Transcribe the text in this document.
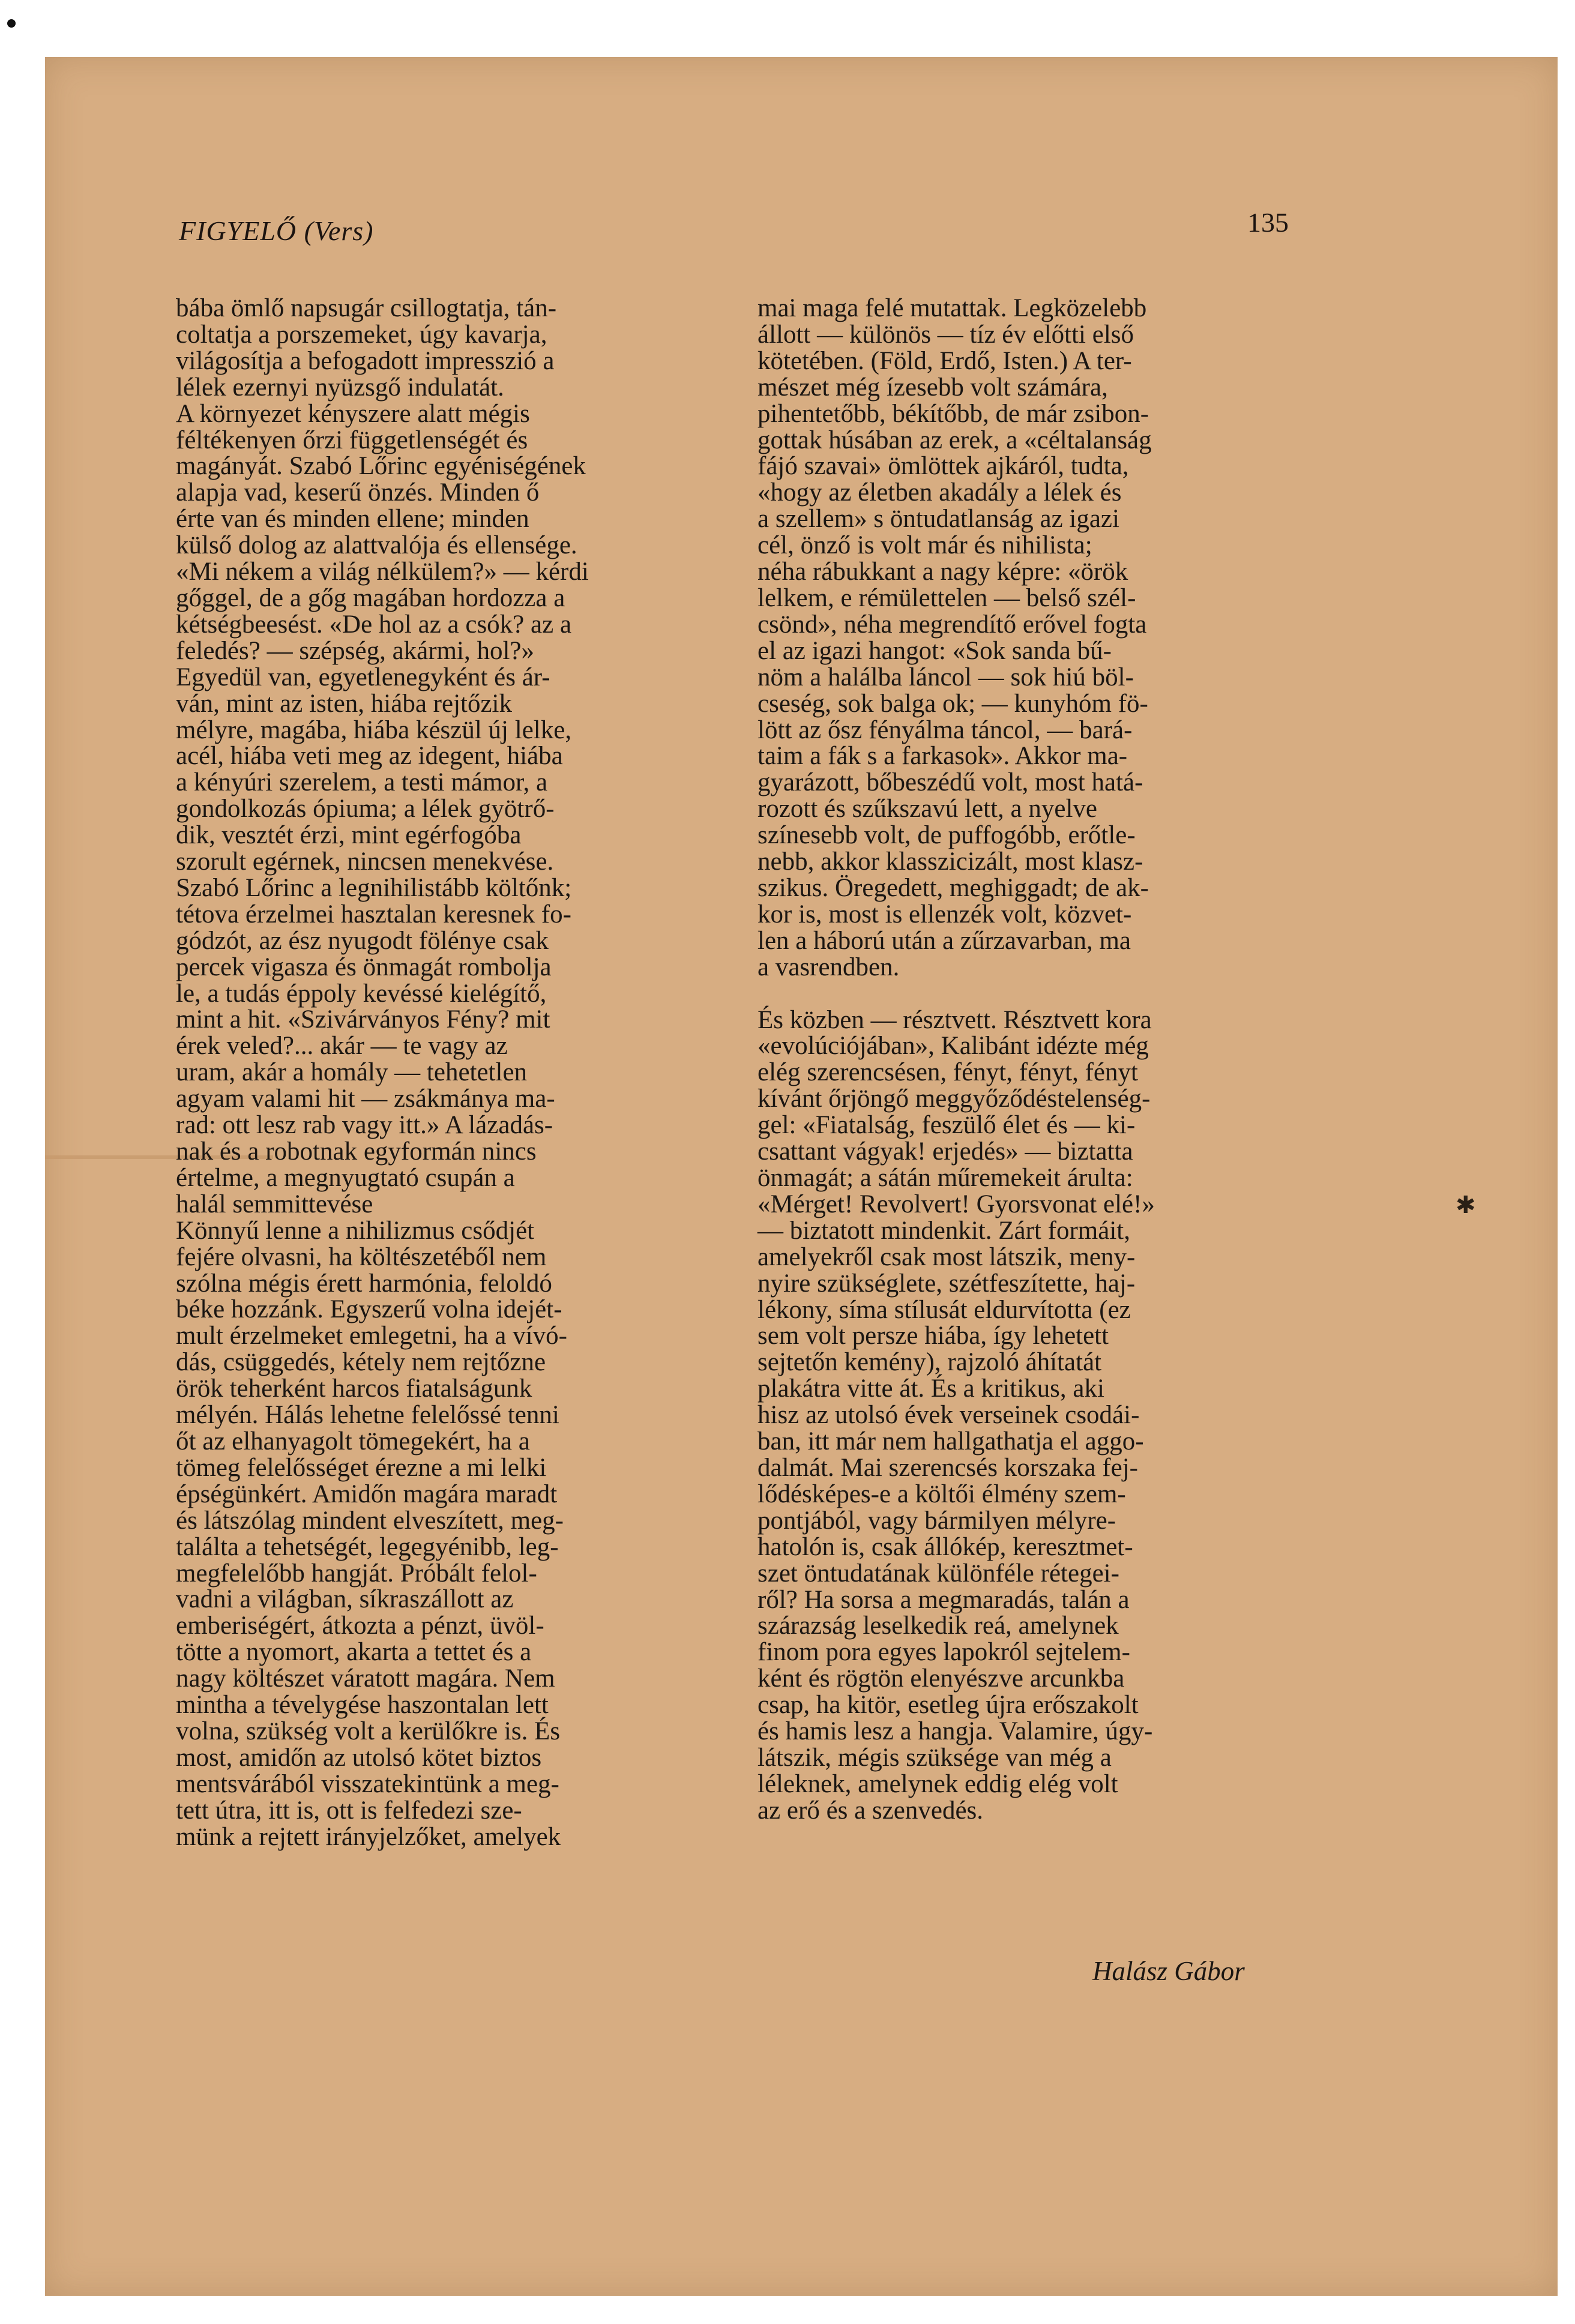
FIGYELŐ (Vers)	135

bába ömlő napsugár csillogtatja, tán-
coltatja a porszemeket, úgy kavarja,
világosítja a befogadott impresszió a
lélek ezernyi nyüzsgő indulatát.
A környezet kényszere alatt mégis
féltékenyen őrzi függetlenségét és
magányát. Szabó Lőrinc egyéniségének
alapja vad, keserű önzés. Minden ő
érte van és minden ellene; minden
külső dolog az alattvalója és ellensége.
«Mi nékem a világ nélkülem?» — kérdi
gőggel, de a gőg magában hordozza a
kétségbeesést. «De hol az a csók? az a
feledés? — szépség, akármi, hol?»
Egyedül van, egyetlenegyként és ár-
ván, mint az isten, hiába rejtőzik
mélyre, magába, hiába készül új lelke,
acél, hiába veti meg az idegent, hiába
a kényúri szerelem, a testi mámor, a
gondolkozás ópiuma; a lélek gyötrő-
dik, vesztét érzi, mint egérfogóba
szorult egérnek, nincsen menekvése.
Szabó Lőrinc a legnihilistább költőnk;
tétova érzelmei hasztalan keresnek fo-
gódzót, az ész nyugodt fölénye csak
percek vigasza és önmagát rombolja
le, a tudás éppoly kevéssé kielégítő,
mint a hit. «Szivárványos Fény? mit
érek veled?... akár — te vagy az
uram, akár a homály — tehetetlen
agyam valami hit — zsákmánya ma-
rad: ott lesz rab vagy itt.» A lázadás-
nak és a robotnak egyformán nincs
értelme, a megnyugtató csupán a
halál semmittevése
Könnyű lenne a nihilizmus csődjét
fejére olvasni, ha költészetéből nem
szólna mégis érett harmónia, feloldó
béke hozzánk. Egyszerű volna idejét-
mult érzelmeket emlegetni, ha a vívó-
dás, csüggedés, kétely nem rejtőzne
örök teherként harcos fiatalságunk
mélyén. Hálás lehetne felelőssé tenni
őt az elhanyagolt tömegekért, ha a
tömeg felelősséget érezne a mi lelki
épségünkért. Amidőn magára maradt
és látszólag mindent elveszített, meg-
találta a tehetségét, legegyénibb, leg-
megfelelőbb hangját. Próbált felol-
vadni a világban, síkraszállott az
emberiségért, átkozta a pénzt, üvöl-
tötte a nyomort, akarta a tettet és a
nagy költészet váratott magára. Nem
mintha a tévelygése haszontalan lett
volna, szükség volt a kerülőkre is. És
most, amidőn az utolsó kötet biztos
mentsvárából visszatekintünk a meg-
tett útra, itt is, ott is felfedezi sze-
münk a rejtett irányjelzőket, amelyek

mai maga felé mutattak. Legközelebb
állott — különös — tíz év előtti első
kötetében. (Föld, Erdő, Isten.) A ter-
mészet még ízesebb volt számára,
pihentetőbb, békítőbb, de már zsibon-
gottak húsában az erek, a «céltalanság
fájó szavai» ömlöttek ajkáról, tudta,
«hogy az életben akadály a lélek és
a szellem» s öntudatlanság az igazi
cél, önző is volt már és nihilista;
néha rábukkant a nagy képre: «örök
lelkem, e rémülettelen — belső szél-
csönd», néha megrendítő erővel fogta
el az igazi hangot: «Sok sanda bű-
nöm a halálba láncol — sok hiú böl-
cseség, sok balga ok; — kunyhóm fö-
lött az ősz fényálma táncol, — bará-
taim a fák s a farkasok». Akkor ma-
gyarázott, bőbeszédű volt, most hatá-
rozott és szűkszavú lett, a nyelve
színesebb volt, de puffogóbb, erőtle-
nebb, akkor klasszicizált, most klasz-
szikus. Öregedett, meghiggadt; de ak-
kor is, most is ellenzék volt, közvet-
len a háború után a zűrzavarban, ma
a vasrendben.

És közben — résztvett. Résztvett kora
«evolúciójában», Kalibánt idézte még
elég szerencsésen, fényt, fényt, fényt
kívánt őrjöngő meggyőződéstelenség-
gel: «Fiatalság, feszülő élet és — ki-
csattant vágyak! erjedés» — biztatta
önmagát; a sátán műremekeit árulta:
«Mérget! Revolvert! Gyorsvonat elé!»
— biztatott mindenkit. Zárt formáit,
amelyekről csak most látszik, meny-
nyire szükséglete, szétfeszítette, haj-
lékony, síma stílusát eldurvította (ez
sem volt persze hiába, így lehetett
sejtetőn kemény), rajzoló áhítatát
plakátra vitte át. És a kritikus, aki
hisz az utolsó évek verseinek csodái-
ban, itt már nem hallgathatja el aggo-
dalmát. Mai szerencsés korszaka fej-
lődésképes-e a költői élmény szem-
pontjából, vagy bármilyen mélyre-
hatolón is, csak állókép, keresztmet-
szet öntudatának különféle rétegei-
ről? Ha sorsa a megmaradás, talán a
szárazság leselkedik reá, amelynek
finom pora egyes lapokról sejtelem-
ként és rögtön elenyészve arcunkba
csap, ha kitör, esetleg újra erőszakolt
és hamis lesz a hangja. Valamire, úgy-
látszik, mégis szüksége van még a
léleknek, amelynek eddig elég volt
az erő és a szenvedés.

Halász Gábor
✱
